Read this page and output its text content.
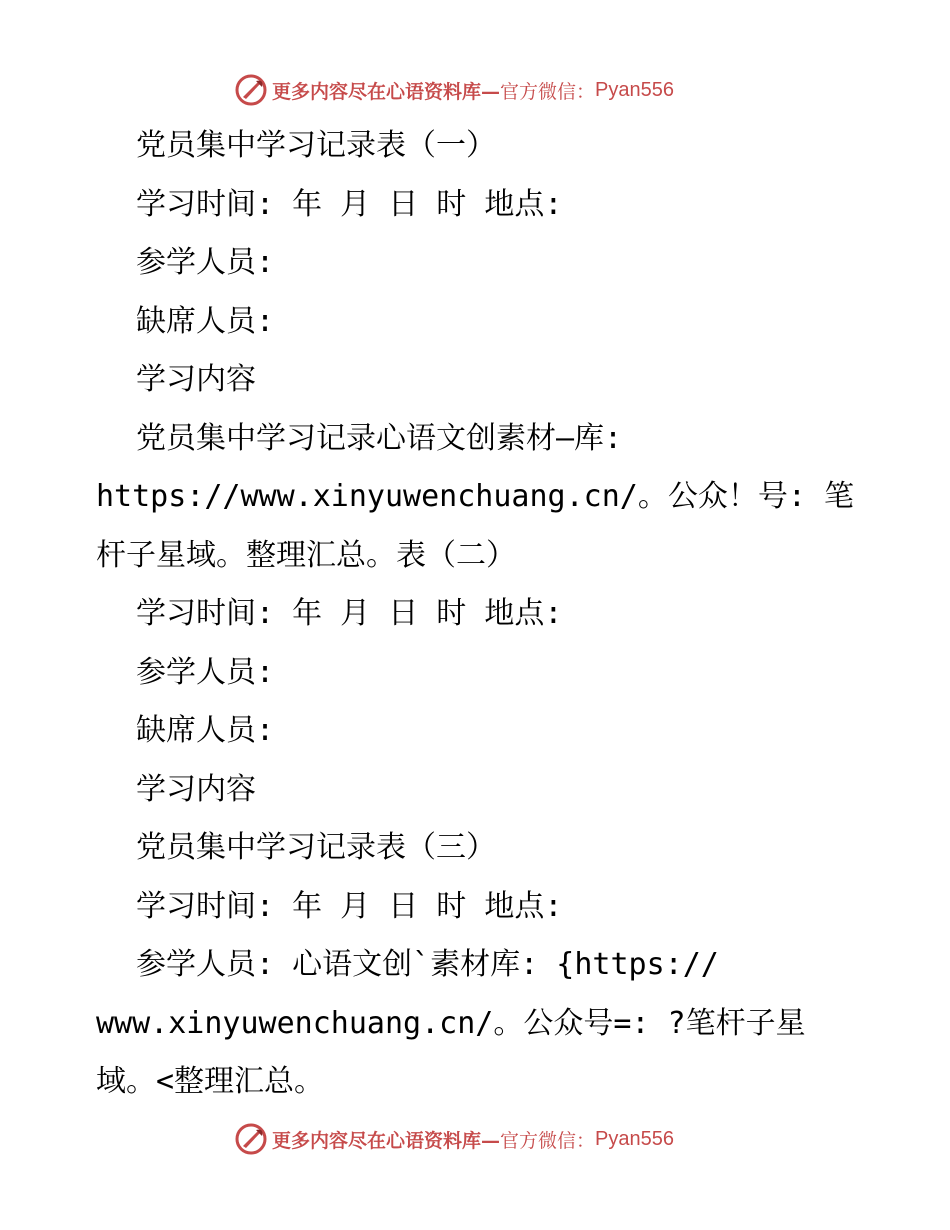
更多内容尽在心语资料库— 官方微信： Pyan556
党员集中学习记录表（一）
学习时间: 年 月 日 时 地点:
参学人员:
缺席人员:
学习内容
党员集中学习记录心语文创素材—库:
https://www.xinyuwenchuang.cn/。公众！号: 笔
杆子星域。整理汇总。表（二）
学习时间: 年 月 日 时 地点:
参学人员:
缺席人员:
学习内容
党员集中学习记录表（三）
学习时间: 年 月 日 时 地点:
参学人员: 心语文创`素材库: {https://
www.xinyuwenchuang.cn/。公众号=: ?笔杆子星
域。<整理汇总。
更多内容尽在心语资料库— 官方微信： Pyan556
